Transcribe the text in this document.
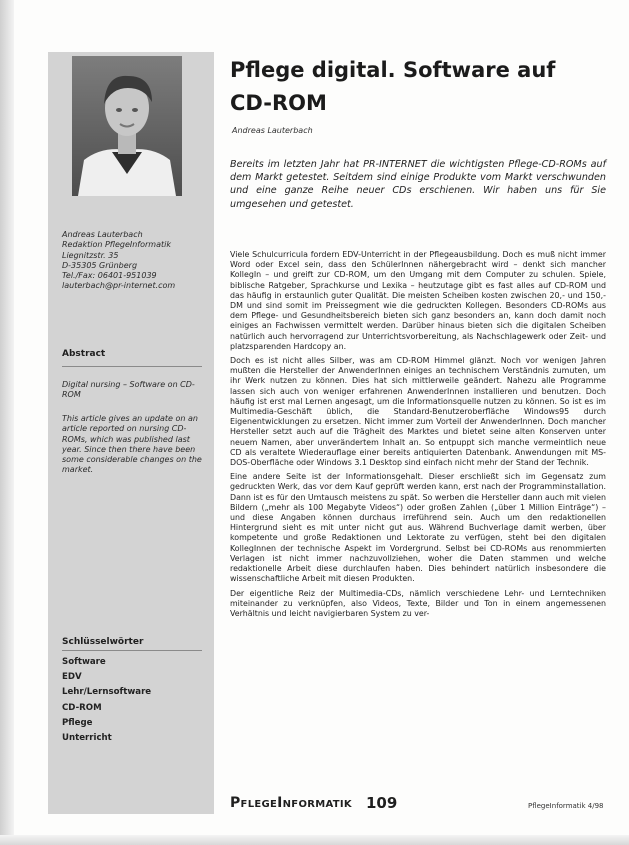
Andreas Lauterbach
Redaktion PflegeInformatik
Liegnitzstr. 35
D-35305 Grünberg
Tel./Fax: 06401-951039
lauterbach@pr-internet.com
Abstract
Digital nursing – Software on CD-ROM
This article gives an update on an article reported on nursing CD-ROMs, which was published last year. Since then there have been some considerable changes on the market.
Schlüsselwörter
Software
EDV
Lehr/Lernsoftware
CD-ROM
Pflege
Unterricht
Pflege digital. Software auf CD-ROM
Andreas Lauterbach
Bereits im letzten Jahr hat PR-INTERNET die wichtigsten Pflege-CD-ROMs auf dem Markt getestet. Seitdem sind einige Produkte vom Markt verschwunden und eine ganze Reihe neuer CDs erschienen. Wir haben uns für Sie umgesehen und getestet.

Viele Schulcurricula fordern EDV-Unterricht in der Pflegeausbildung. Doch es muß nicht immer Word oder Excel sein, dass den SchülerInnen nähergebracht wird – denkt sich mancher KollegIn – und greift zur CD-ROM, um den Umgang mit dem Computer zu schulen. Spiele, biblische Ratgeber, Sprachkurse und Lexika – heutzutage gibt es fast alles auf CD-ROM und das häufig in erstaunlich guter Qualität. Die meisten Scheiben kosten zwischen 20,- und 150,- DM und sind somit im Preissegment wie die gedruckten Kollegen. Besonders CD-ROMs aus dem Pflege- und Gesundheitsbereich bieten sich ganz besonders an, kann doch damit noch einiges an Fachwissen vermittelt werden. Darüber hinaus bieten sich die digitalen Scheiben natürlich auch hervorragend zur Unterrichtsvorbereitung, als Nachschlagewerk oder Zeit- und platzsparenden Hardcopy an.

Doch es ist nicht alles Silber, was am CD-ROM Himmel glänzt. Noch vor wenigen Jahren mußten die Hersteller der AnwenderInnen einiges an technischem Verständnis zumuten, um ihr Werk nutzen zu können. Dies hat sich mittlerweile geändert. Nahezu alle Programme lassen sich auch von weniger erfahrenen AnwenderInnen installieren und benutzen. Doch häufig ist erst mal Lernen angesagt, um die Informationsquelle nutzen zu können. So ist es im Multimedia-Geschäft üblich, die Standard-Benutzeroberfläche Windows95 durch Eigenentwicklungen zu ersetzen. Nicht immer zum Vorteil der AnwenderInnen. Doch mancher Hersteller setzt auch auf die Trägheit des Marktes und bietet seine alten Konserven unter neuem Namen, aber unverändertem Inhalt an. So entpuppt sich manche vermeintlich neue CD als veraltete Wiederauflage einer bereits antiquierten Datenbank. Anwendungen mit MS-DOS-Oberfläche oder Windows 3.1 Desktop sind einfach nicht mehr der Stand der Technik.

Eine andere Seite ist der Informationsgehalt. Dieser erschließt sich im Gegensatz zum gedruckten Werk, das vor dem Kauf geprüft werden kann, erst nach der Programminstallation. Dann ist es für den Umtausch meistens zu spät. So werben die Hersteller dann auch mit vielen Bildern („mehr als 100 Megabyte Videos“) oder großen Zahlen („über 1 Million Einträge“) – und diese Angaben können durchaus irreführend sein. Auch um den redaktionellen Hintergrund sieht es mit unter nicht gut aus. Während Buchverlage damit werben, über kompetente und große Redaktionen und Lektorate zu verfügen, steht bei den digitalen KollegInnen der technische Aspekt im Vordergrund. Selbst bei CD-ROMs aus renommierten Verlagen ist nicht immer nachzuvollziehen, woher die Daten stammen und welche redaktionelle Arbeit diese durchlaufen haben. Dies behindert natürlich insbesondere die wissenschaftliche Arbeit mit diesen Produkten.

Der eigentliche Reiz der Multimedia-CDs, nämlich verschiedene Lehr- und Lerntechniken miteinander zu verknüpfen, also Videos, Texte, Bilder und Ton in einem angemessenen Verhältnis und leicht navigierbaren System zu ver-

PflegeInformatik 109	PflegeInformatik 4/98
